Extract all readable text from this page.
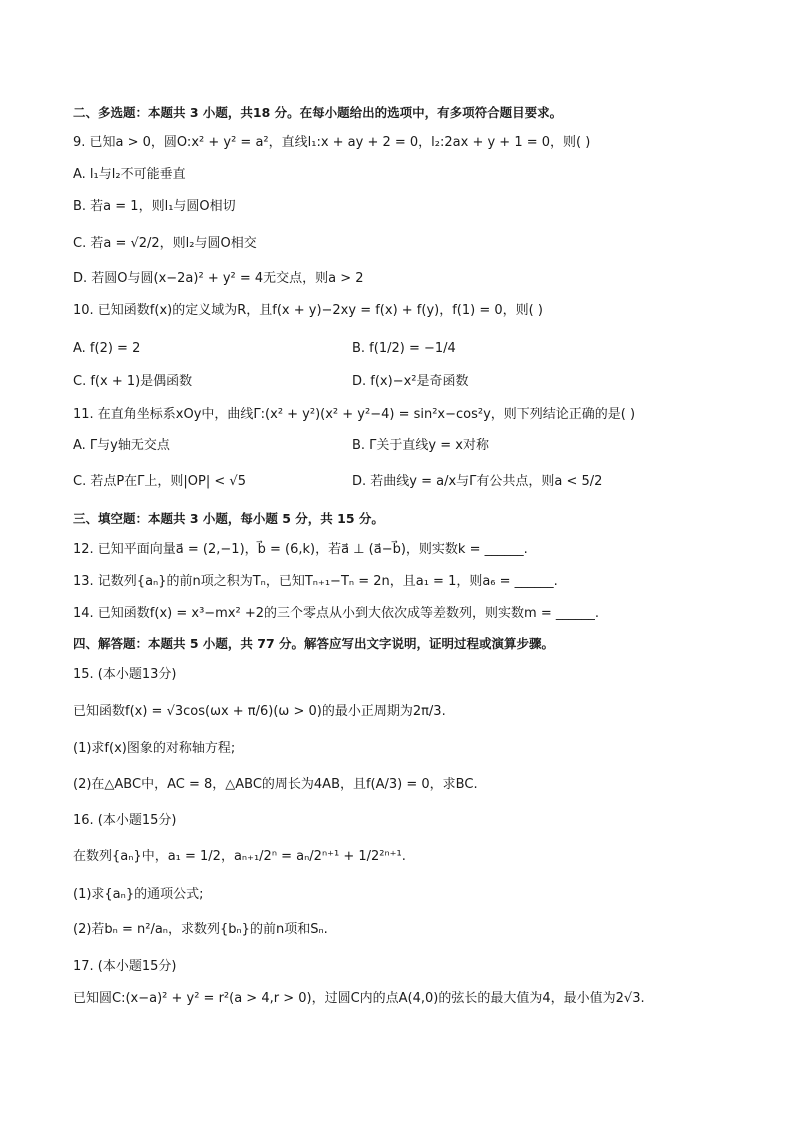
二、多选题：本题共 3 小题，共18 分。在每小题给出的选项中，有多项符合题目要求。
9. 已知a > 0，圆O:x² + y² = a²，直线l₁:x + ay + 2 = 0，l₂:2ax + y + 1 = 0，则( )
A. l₁与l₂不可能垂直
B. 若a = 1，则l₁与圆O相切
C. 若a = √2/2，则l₂与圆O相交
D. 若圆O与圆(x−2a)² + y² = 4无交点，则a > 2
10. 已知函数f(x)的定义域为R，且f(x + y)−2xy = f(x) + f(y)，f(1) = 0，则( )
A. f(2) = 2	B. f(1/2) = −1/4
C. f(x + 1)是偶函数	D. f(x)−x²是奇函数
11. 在直角坐标系xOy中，曲线Γ:(x² + y²)(x² + y²−4) = sin²x−cos²y，则下列结论正确的是( )
A. Γ与y轴无交点	B. Γ关于直线y = x对称
C. 若点P在Γ上，则|OP| < √5	D. 若曲线y = a/x与Γ有公共点，则a < 5/2
三、填空题：本题共 3 小题，每小题 5 分，共 15 分。
12. 已知平面向量a⃗ = (2,−1)，b⃗ = (6,k)，若a⃗ ⊥ (a⃗−b⃗)，则实数k = ______.
13. 记数列{aₙ}的前n项之积为Tₙ，已知Tₙ₊₁−Tₙ = 2n，且a₁ = 1，则a₆ = ______.
14. 已知函数f(x) = x³−mx² +2的三个零点从小到大依次成等差数列，则实数m = ______.
四、解答题：本题共 5 小题，共 77 分。解答应写出文字说明，证明过程或演算步骤。
15. (本小题13分)
已知函数f(x) = √3cos(ωx + π/6)(ω > 0)的最小正周期为2π/3.
(1)求f(x)图象的对称轴方程;
(2)在△ABC中，AC = 8，△ABC的周长为4AB，且f(A/3) = 0，求BC.
16. (本小题15分)
在数列{aₙ}中，a₁ = 1/2，aₙ₊₁/2ⁿ = aₙ/2ⁿ⁺¹ + 1/2²ⁿ⁺¹.
(1)求{aₙ}的通项公式;
(2)若bₙ = n²/aₙ，求数列{bₙ}的前n项和Sₙ.
17. (本小题15分)
已知圆C:(x−a)² + y² = r²(a > 4,r > 0)，过圆C内的点A(4,0)的弦长的最大值为4，最小值为2√3.
